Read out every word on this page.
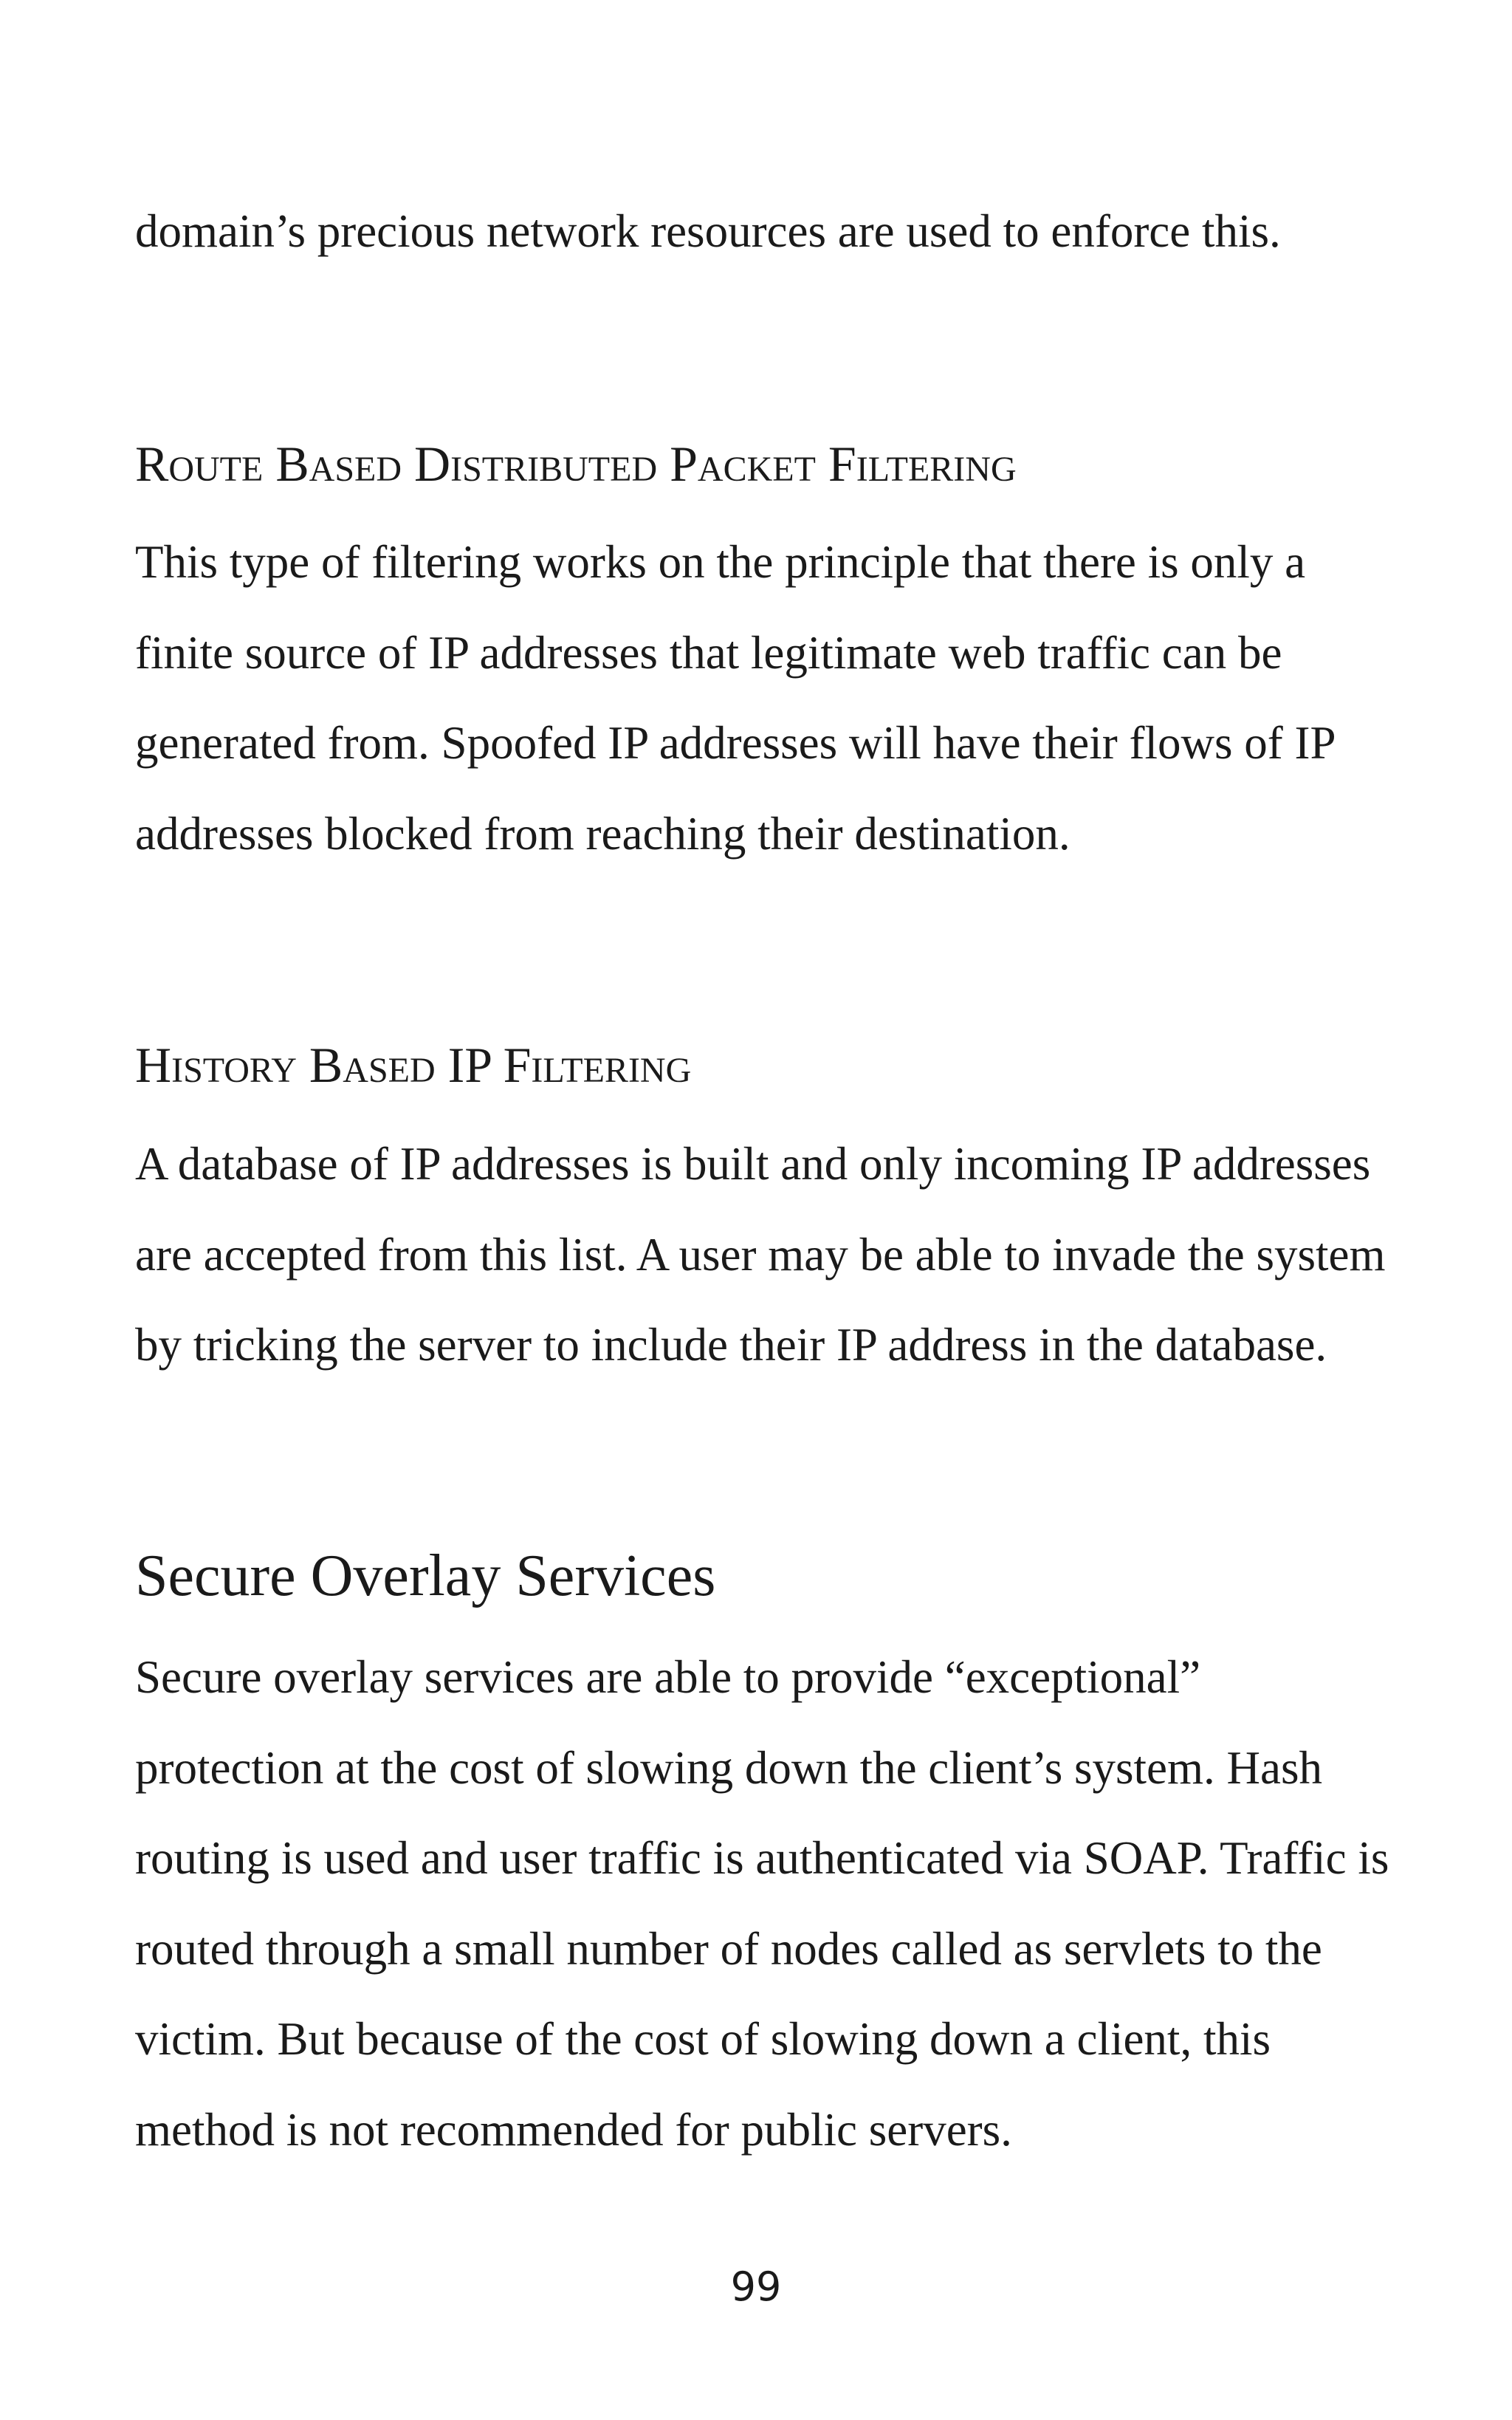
domain’s precious network resources are used to enforce this.

Route Based Distributed Packet Filtering

This type of filtering works on the principle that there is only a finite source of IP addresses that legitimate web traffic can be generated from. Spoofed IP addresses will have their flows of IP addresses blocked from reaching their destination.

History Based IP Filtering

A database of IP addresses is built and only incoming IP addresses are accepted from this list. A user may be able to invade the system by tricking the server to include their IP address in the database.

Secure Overlay Services

Secure overlay services are able to provide “exceptional” protection at the cost of slowing down the client’s system. Hash routing is used and user traffic is authenticated via SOAP. Traffic is routed through a small number of nodes called as servlets to the victim. But because of the cost of slowing down a client, this method is not recommended for public servers.

99
